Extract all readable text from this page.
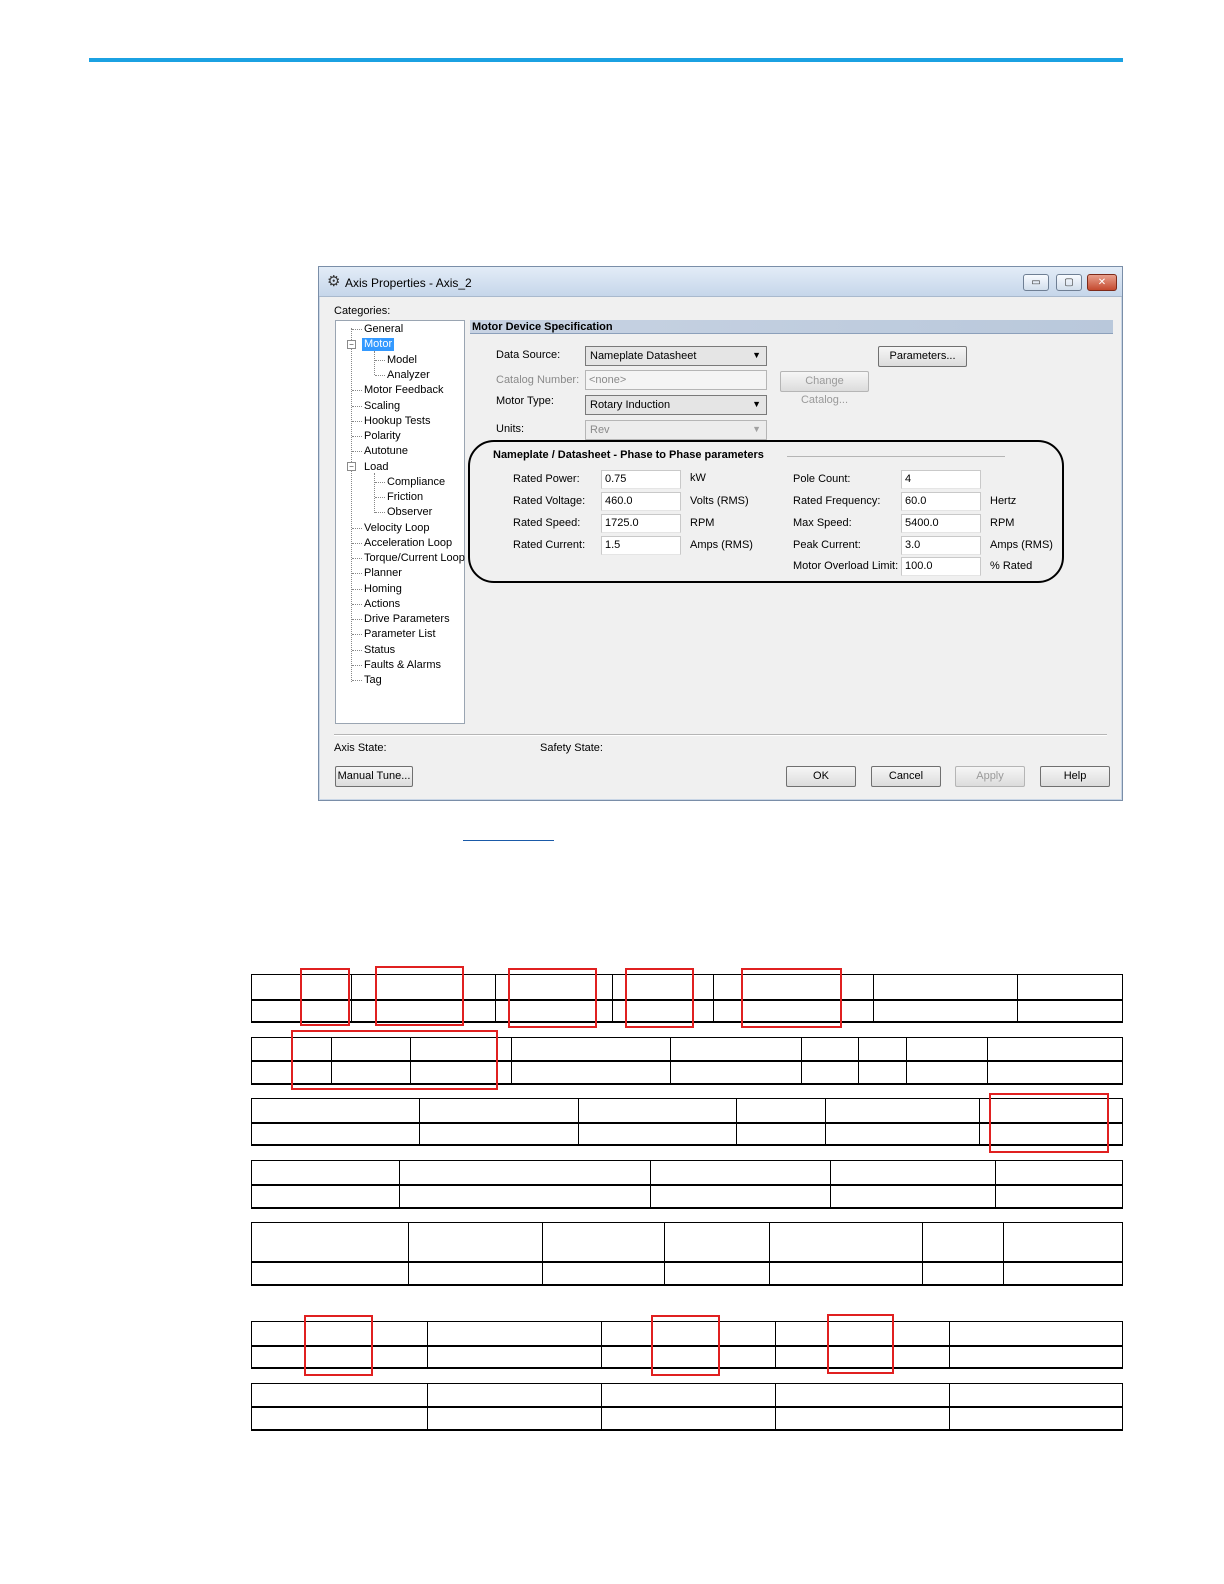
⚙ Axis Properties - Axis_2	▭	▢	✕
Categories:
−
−
General
Motor
Model
Analyzer
Motor Feedback
Scaling
Hookup Tests
Polarity
Autotune
Load
Compliance
Friction
Observer
Velocity Loop
Acceleration Loop
Torque/Current Loop
Planner
Homing
Actions
Drive Parameters
Parameter List
Status
Faults & Alarms
Tag
Motor Device Specification
Data Source:	Nameplate Datasheet	▼	Parameters...
Catalog Number: <none>	Change Catalog...
Motor Type:	Rotary Induction	▼
Units:	Rev	▼
Nameplate / Datasheet - Phase to Phase parameters
Rated Power:	0.75	kW
Rated Voltage:	460.0	Volts (RMS)
Rated Speed:	1725.0	RPM
Rated Current:	1.5	Amps (RMS)
Pole Count:	4
Rated Frequency:	60.0	Hertz
Max Speed:	5400.0	RPM
Peak Current:	3.0	Amps (RMS)
Motor Overload Limit: 100.0	% Rated
Axis State:	Safety State:
Manual Tune...	OK	Cancel	Apply	Help
